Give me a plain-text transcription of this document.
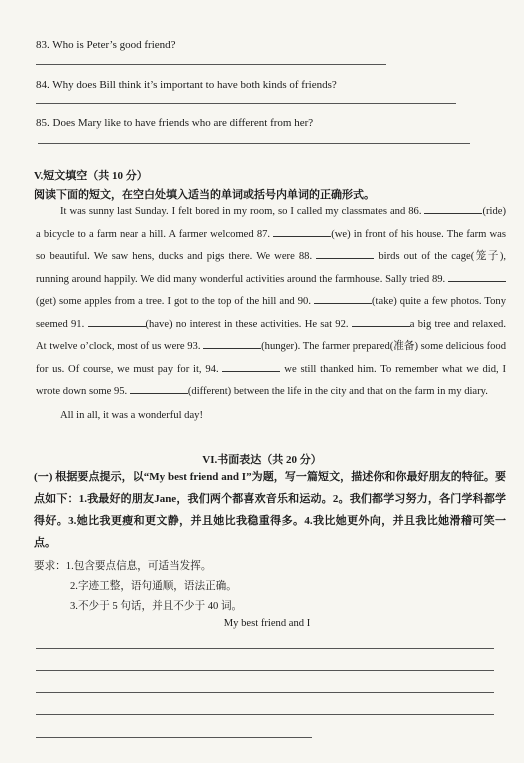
83. Who is Peter’s good friend?
84. Why does Bill think it’s important to have both kinds of friends?
85. Does Mary like to have friends who are different from her?
V.短文填空（共 10 分）
阅读下面的短文，在空白处填入适当的单词或括号内单词的正确形式。
It was sunny last Sunday. I felt bored in my room, so I called my classmates and 86.	(ride) a bicycle to a farm near a hill. A farmer welcomed 87.	(we) in front of his house. The farm was so beautiful. We saw hens, ducks and pigs there. We were 88.	birds out of the cage(笼子), running around happily. We did many wonderful activities around the farmhouse. Sally tried 89. (get) some apples from a tree. I got to the top of the hill and 90.	(take) quite a few photos. Tony seemed 91.	(have) no interest in these activities. He sat 92.	a big tree and relaxed. At twelve o’clock, most of us were 93.	(hunger). The farmer prepared(准备) some delicious food for us. Of course, we must pay for it, 94.	we still thanked him. To remember what we did, I wrote down some 95.	(different) between the life in the city and that on the farm in my diary.
All in all, it was a wonderful day!
VI.书面表达（共 20 分）
(一) 根据要点提示，以“My best friend and I”为题，写一篇短文，描述你和你最好朋友的特征。要点如下：1.我最好的朋友Jane，我们两个都喜欢音乐和运动。2。我们都学习努力，各门学科都学得好。3.她比我更瘦和更文静，并且她比我稳重得多。4.我比她更外向，并且我比她滑稽可笑一点。
要求：1.包含要点信息，可适当发挥。
2.字迹工整，语句通顺，语法正确。
3.不少于 5 句话，并且不少于 40 词。
My best friend and I
